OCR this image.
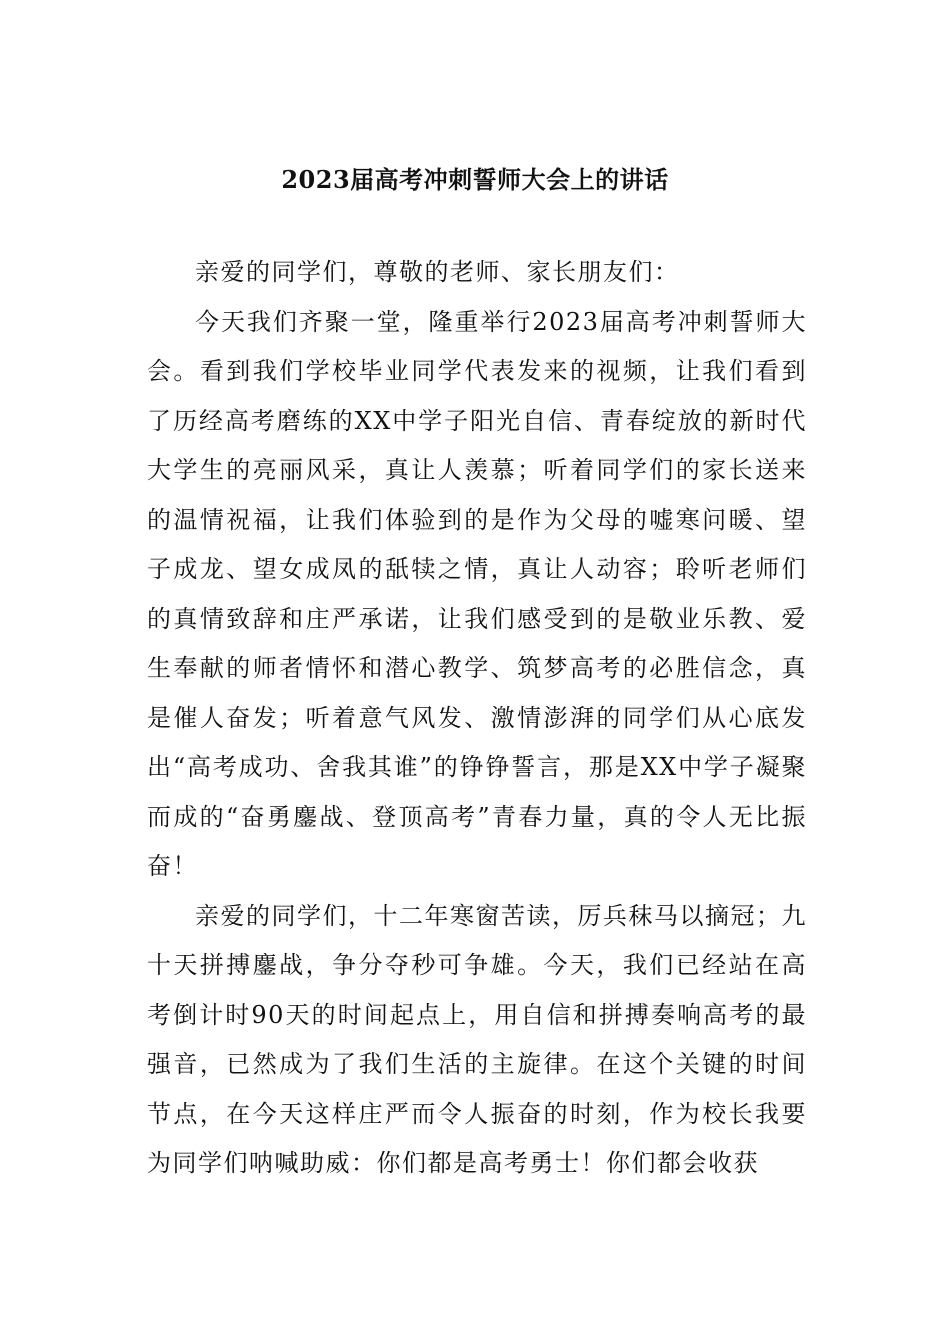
2023届高考冲刺誓师大会上的讲话

亲爱的同学们，尊敬的老师、家长朋友们：

今天我们齐聚一堂，隆重举行2023届高考冲刺誓师大会。看到我们学校毕业同学代表发来的视频，让我们看到了历经高考磨练的XX中学子阳光自信、青春绽放的新时代大学生的亮丽风采，真让人羡慕；听着同学们的家长送来的温情祝福，让我们体验到的是作为父母的嘘寒问暖、望子成龙、望女成凤的舐犊之情，真让人动容；聆听老师们的真情致辞和庄严承诺，让我们感受到的是敬业乐教、爱生奉献的师者情怀和潜心教学、筑梦高考的必胜信念，真是催人奋发；听着意气风发、激情澎湃的同学们从心底发出“高考成功、舍我其谁”的铮铮誓言，那是XX中学子凝聚而成的“奋勇鏖战、登顶高考”青春力量，真的令人无比振奋！

亲爱的同学们，十二年寒窗苦读，厉兵秣马以摘冠；九十天拼搏鏖战，争分夺秒可争雄。今天，我们已经站在高考倒计时90天的时间起点上，用自信和拼搏奏响高考的最强音，已然成为了我们生活的主旋律。在这个关键的时间节点，在今天这样庄严而令人振奋的时刻，作为校长我要为同学们呐喊助威：你们都是高考勇士！你们都会收获
